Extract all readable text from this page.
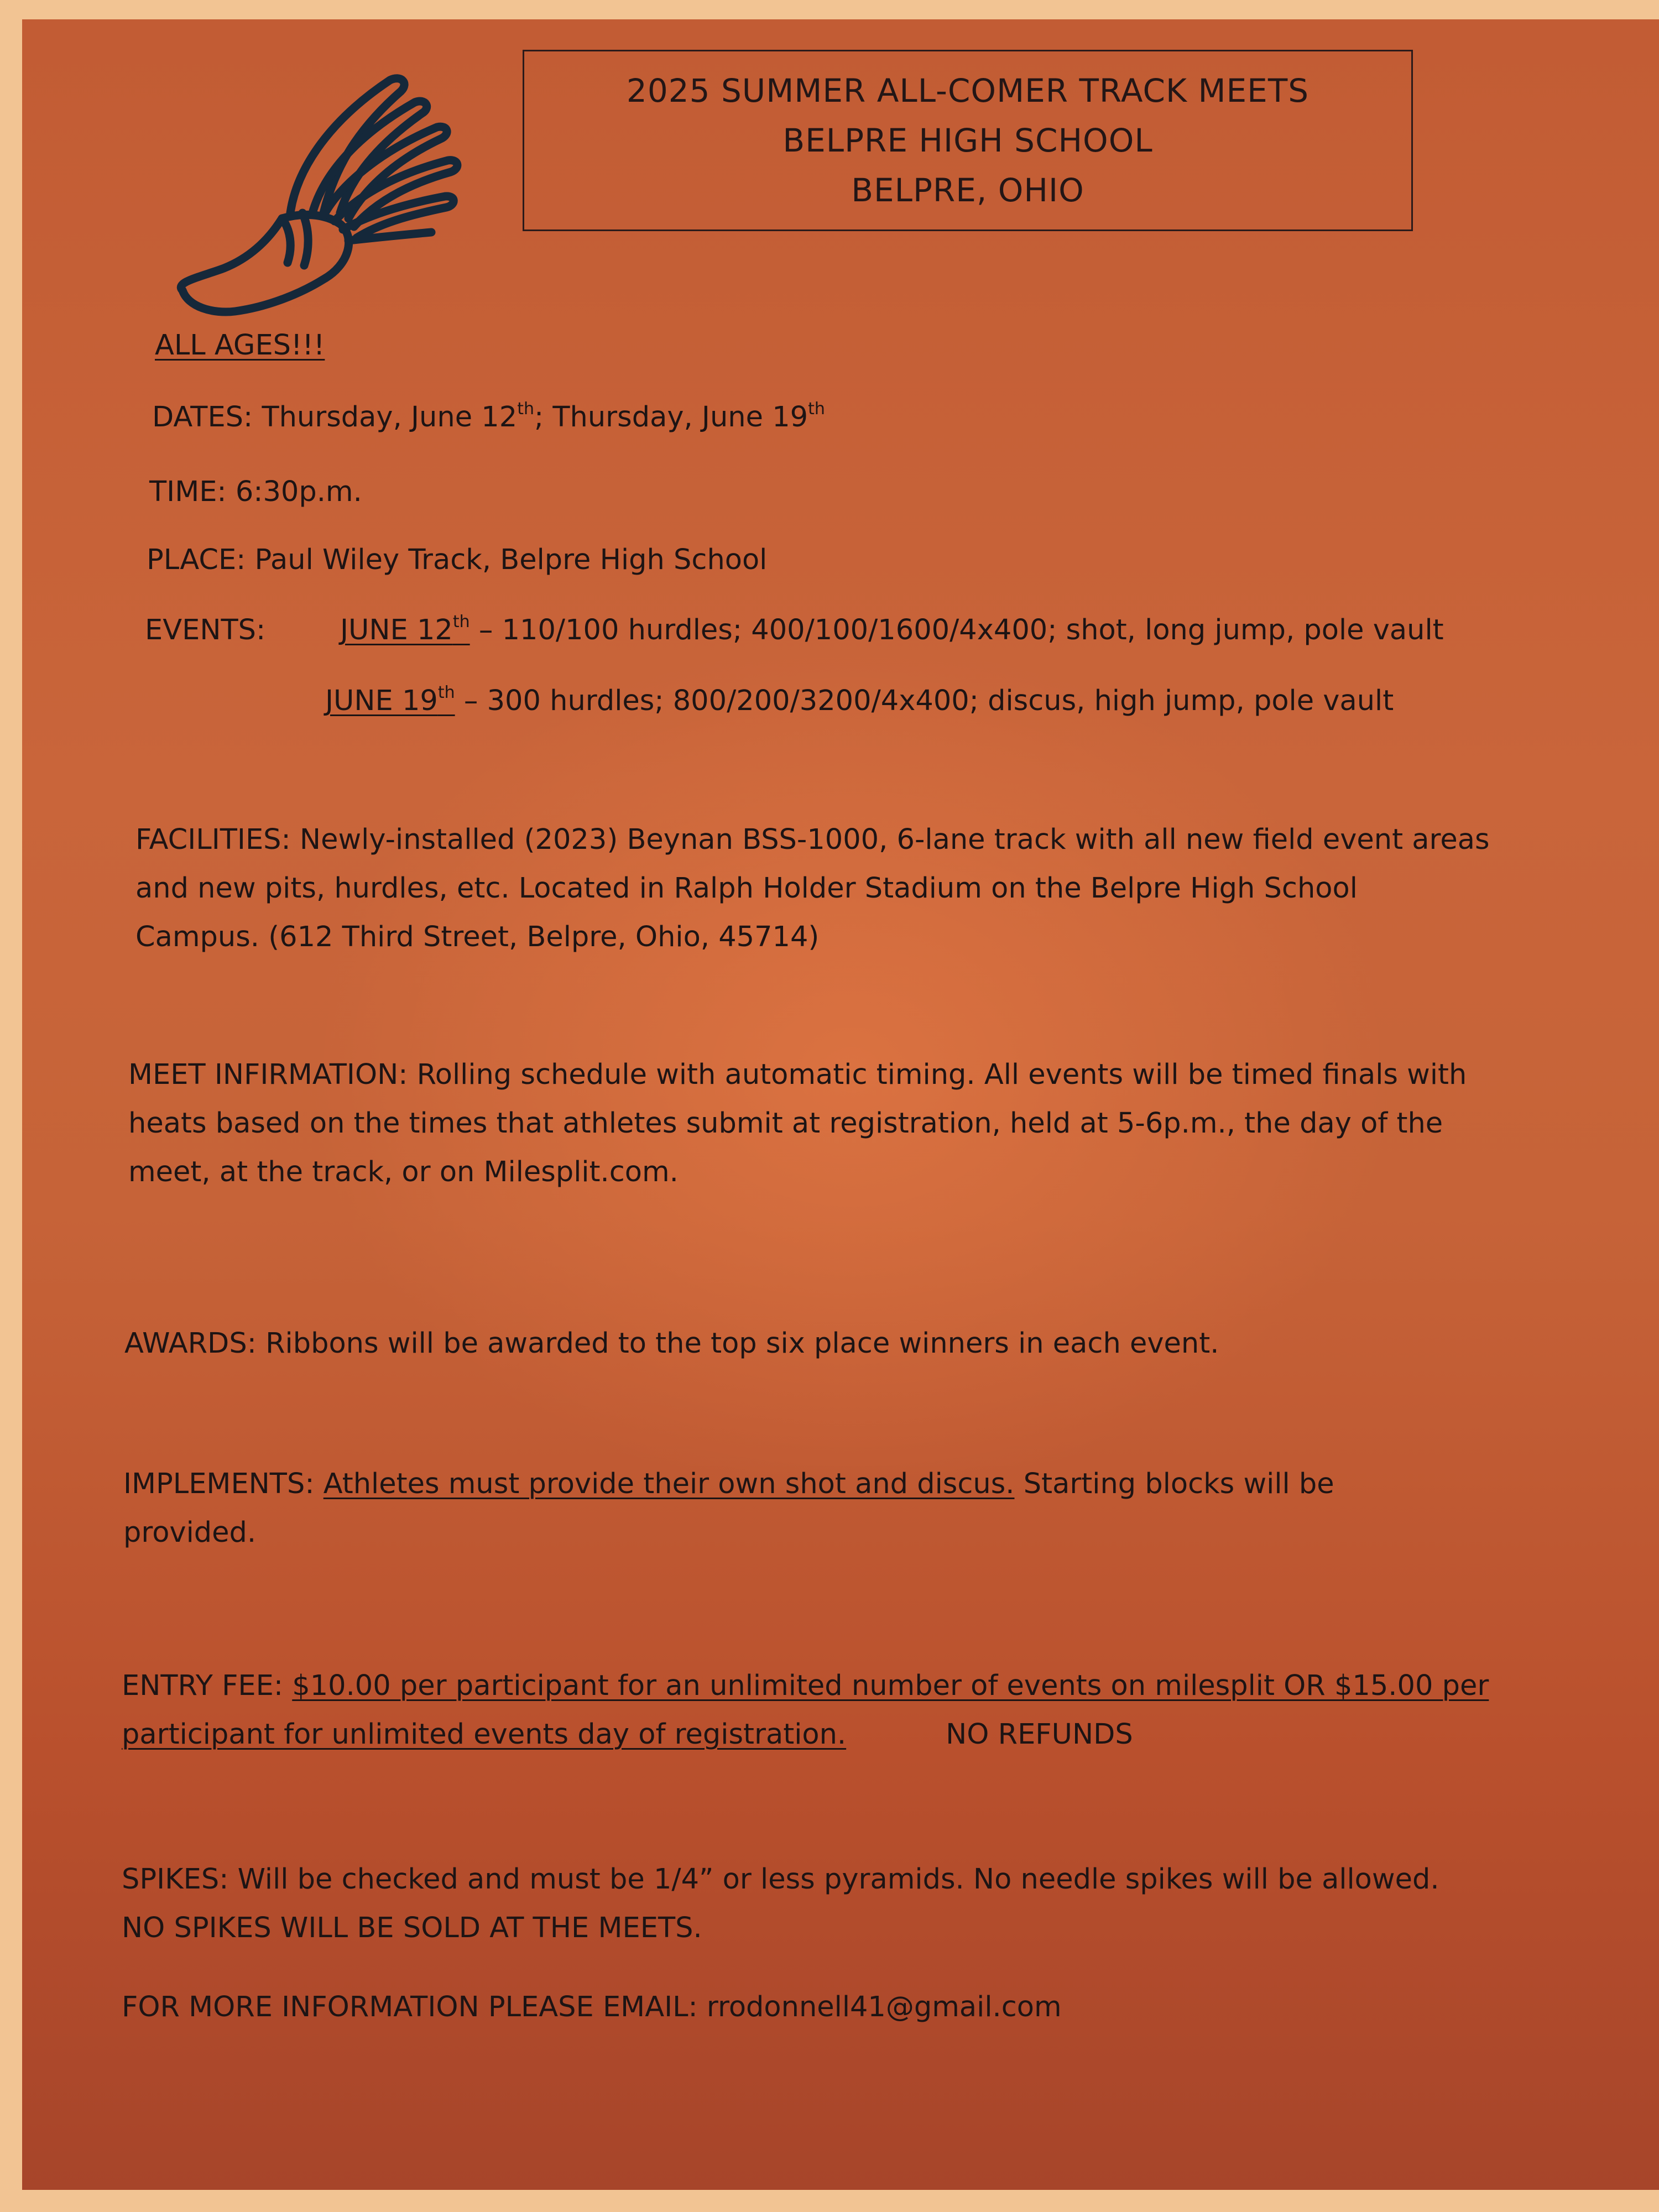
2025 SUMMER ALL-COMER TRACK MEETS
BELPRE HIGH SCHOOL
BELPRE, OHIO
ALL AGES!!!
DATES: Thursday, June 12th; Thursday, June 19th
TIME: 6:30p.m.
PLACE: Paul Wiley Track, Belpre High School
EVENTS:	JUNE 12th – 110/100 hurdles; 400/100/1600/4x400; shot, long jump, pole vault
JUNE 19th – 300 hurdles; 800/200/3200/4x400; discus, high jump, pole vault
FACILITIES: Newly-installed (2023) Beynan BSS-1000, 6-lane track with all new field event areas
and new pits, hurdles, etc. Located in Ralph Holder Stadium on the Belpre High School
Campus. (612 Third Street, Belpre, Ohio, 45714)
MEET INFIRMATION: Rolling schedule with automatic timing. All events will be timed finals with
heats based on the times that athletes submit at registration, held at 5-6p.m., the day of the
meet, at the track, or on Milesplit.com.
AWARDS: Ribbons will be awarded to the top six place winners in each event.
IMPLEMENTS: Athletes must provide their own shot and discus. Starting blocks will be
provided.
ENTRY FEE: $10.00 per participant for an unlimited number of events on milesplit OR $15.00 per
participant for unlimited events day of registration.	NO REFUNDS
SPIKES: Will be checked and must be 1/4” or less pyramids. No needle spikes will be allowed.
NO SPIKES WILL BE SOLD AT THE MEETS.
FOR MORE INFORMATION PLEASE EMAIL: rrodonnell41@gmail.com
